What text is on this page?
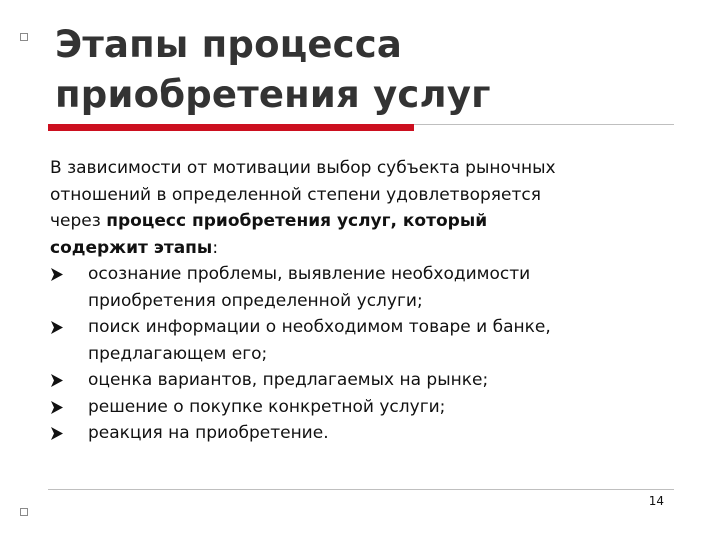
Этапы процесса
приобретения услуг
В зависимости от мотивации выбор субъекта рыночных
отношений в определенной степени удовлетворяется
через процесс приобретения услуг, который
содержит этапы:
осознание проблемы, выявление необходимости
приобретения определенной услуги;
поиск информации о необходимом товаре и банке,
предлагающем его;
оценка вариантов, предлагаемых на рынке;
решение о покупке конкретной услуги;
реакция на приобретение.
14
